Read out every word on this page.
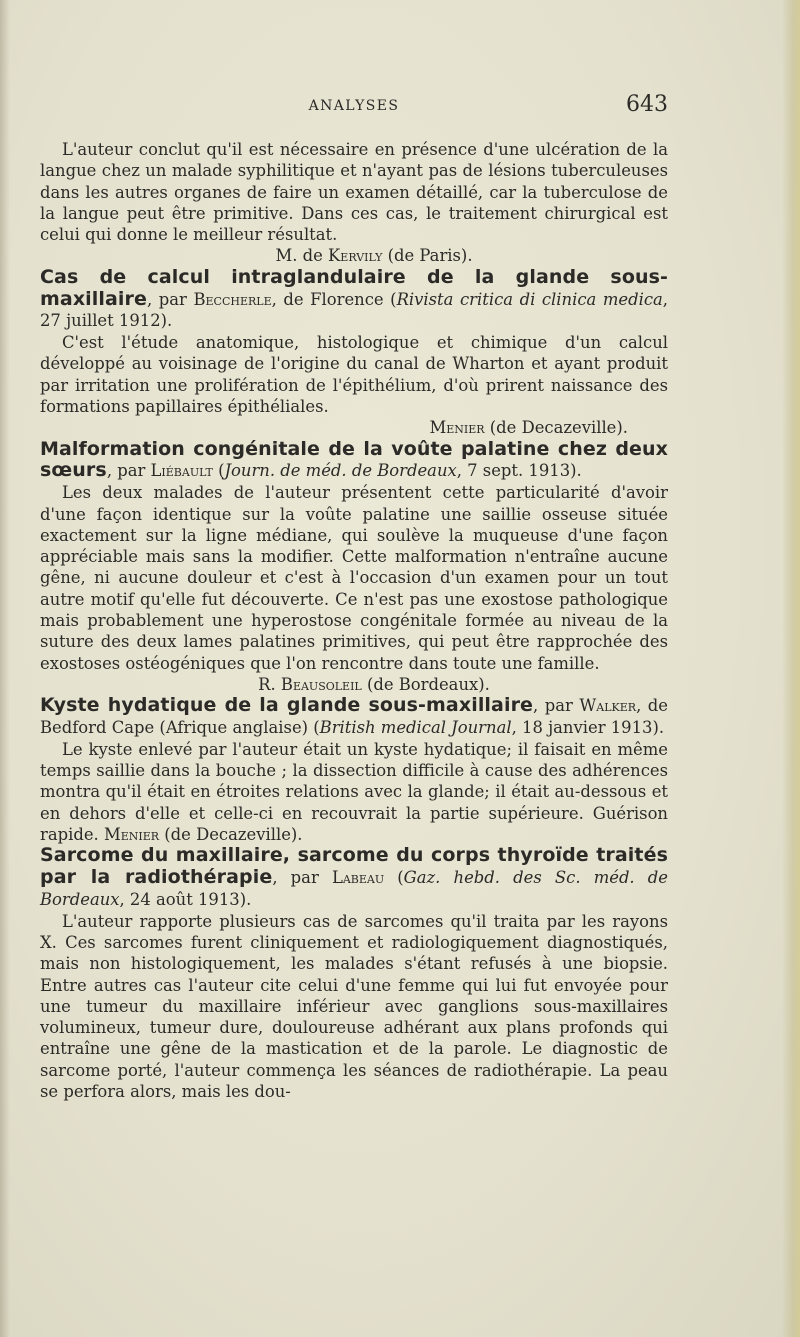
ANALYSES	643

L'auteur conclut qu'il est nécessaire en présence d'une ulcération de la langue chez un malade syphilitique et n'ayant pas de lésions tuberculeuses dans les autres organes de faire un examen détaillé, car la tuberculose de la langue peut être primitive. Dans ces cas, le traitement chirurgical est celui qui donne le meilleur résultat.

M. de Kervily (de Paris).

Cas de calcul intraglandulaire de la glande sous-maxillaire, par Beccherle, de Florence (Rivista critica di clinica medica, 27 juillet 1912).

C'est l'étude anatomique, histologique et chimique d'un calcul développé au voisinage de l'origine du canal de Wharton et ayant produit par irritation une prolifération de l'épithélium, d'où prirent naissance des formations papillaires épithéliales.

Menier (de Decazeville).

Malformation congénitale de la voûte palatine chez deux sœurs, par Liébault (Journ. de méd. de Bordeaux, 7 sept. 1913).

Les deux malades de l'auteur présentent cette particularité d'avoir d'une façon identique sur la voûte palatine une saillie osseuse située exactement sur la ligne médiane, qui soulève la muqueuse d'une façon appréciable mais sans la modifier. Cette malformation n'entraîne aucune gêne, ni aucune douleur et c'est à l'occasion d'un examen pour un tout autre motif qu'elle fut découverte. Ce n'est pas une exostose pathologique mais probablement une hyperostose congénitale formée au niveau de la suture des deux lames palatines primitives, qui peut être rapprochée des exostoses ostéogéniques que l'on rencontre dans toute une famille.

R. Beausoleil (de Bordeaux).

Kyste hydatique de la glande sous-maxillaire, par Walker, de Bedford Cape (Afrique anglaise) (British medical Journal, 18 janvier 1913).

Le kyste enlevé par l'auteur était un kyste hydatique; il faisait en même temps saillie dans la bouche ; la dissection difficile à cause des adhérences montra qu'il était en étroites relations avec la glande; il était au-dessous et en dehors d'elle et celle-ci en recouvrait la partie supérieure. Guérison rapide. Menier (de Decazeville).

Sarcome du maxillaire, sarcome du corps thyroïde traités par la radiothérapie, par Labeau (Gaz. hebd. des Sc. méd. de Bordeaux, 24 août 1913).

L'auteur rapporte plusieurs cas de sarcomes qu'il traita par les rayons X. Ces sarcomes furent cliniquement et radiologiquement diagnostiqués, mais non histologiquement, les malades s'étant refusés à une biopsie. Entre autres cas l'auteur cite celui d'une femme qui lui fut envoyée pour une tumeur du maxillaire inférieur avec ganglions sous-maxillaires volumineux, tumeur dure, douloureuse adhérant aux plans profonds qui entraîne une gêne de la mastication et de la parole. Le diagnostic de sarcome porté, l'auteur commença les séances de radiothérapie. La peau se perfora alors, mais les dou-
